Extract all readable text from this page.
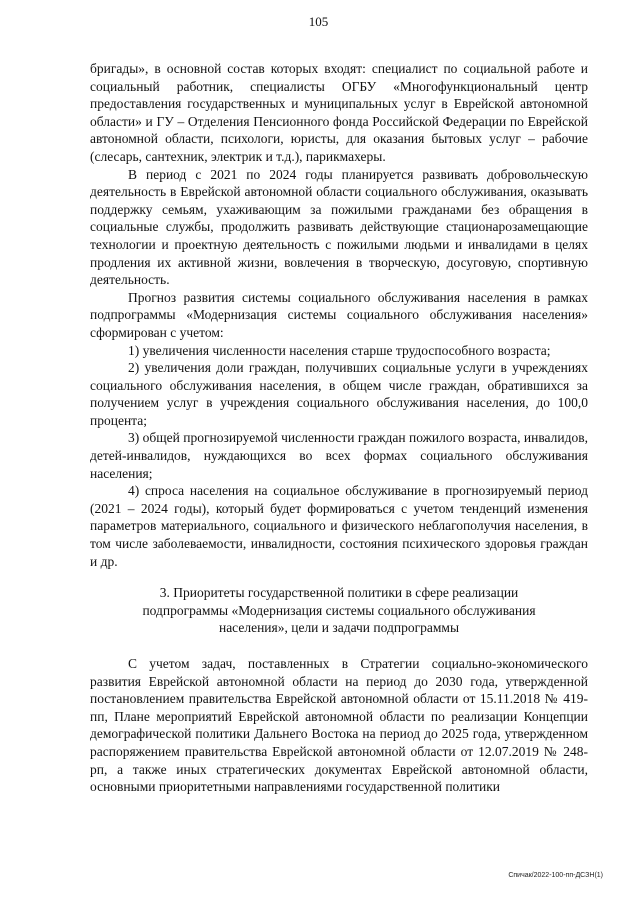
105

бригады», в основной состав которых входят: специалист по социальной работе и социальный работник, специалисты ОГБУ «Многофункциональный центр предоставления государственных и муниципальных услуг в Еврейской автономной области» и ГУ – Отделения Пенсионного фонда Российской Федерации по Еврейской автономной области, психологи, юристы, для оказания бытовых услуг – рабочие (слесарь, сантехник, электрик и т.д.), парикмахеры.

В период с 2021 по 2024 годы планируется развивать добровольческую деятельность в Еврейской автономной области социального обслуживания, оказывать поддержку семьям, ухаживающим за пожилыми гражданами без обращения в социальные службы, продолжить развивать действующие стационарозамещающие технологии и проектную деятельность с пожилыми людьми и инвалидами в целях продления их активной жизни, вовлечения в творческую, досуговую, спортивную деятельность.

Прогноз развития системы социального обслуживания населения в рамках подпрограммы «Модернизация системы социального обслуживания населения» сформирован с учетом:

1) увеличения численности населения старше трудоспособного возраста;

2) увеличения доли граждан, получивших социальные услуги в учреждениях социального обслуживания населения, в общем числе граждан, обратившихся за получением услуг в учреждения социального обслуживания населения, до 100,0 процента;

3) общей прогнозируемой численности граждан пожилого возраста, инвалидов, детей-инвалидов, нуждающихся во всех формах социального обслуживания населения;

4) спроса населения на социальное обслуживание в прогнозируемый период (2021 – 2024 годы), который будет формироваться с учетом тенденций изменения параметров материального, социального и физического неблагополучия населения, в том числе заболеваемости, инвалидности, состояния психического здоровья граждан и др.

3. Приоритеты государственной политики в сфере реализации
подпрограммы «Модернизация системы социального обслуживания
населения», цели и задачи подпрограммы

С учетом задач, поставленных в Стратегии социально-экономического развития Еврейской автономной области на период до 2030 года, утвержденной постановлением правительства Еврейской автономной области от 15.11.2018 № 419-пп, Плане мероприятий Еврейской автономной области по реализации Концепции демографической политики Дальнего Востока на период до 2025 года, утвержденном распоряжением правительства Еврейской автономной области от 12.07.2019 № 248-рп, а также иных стратегических документах Еврейской автономной области, основными приоритетными направлениями государственной политики

Спичак/2022-100-пп-ДСЗН(1)
